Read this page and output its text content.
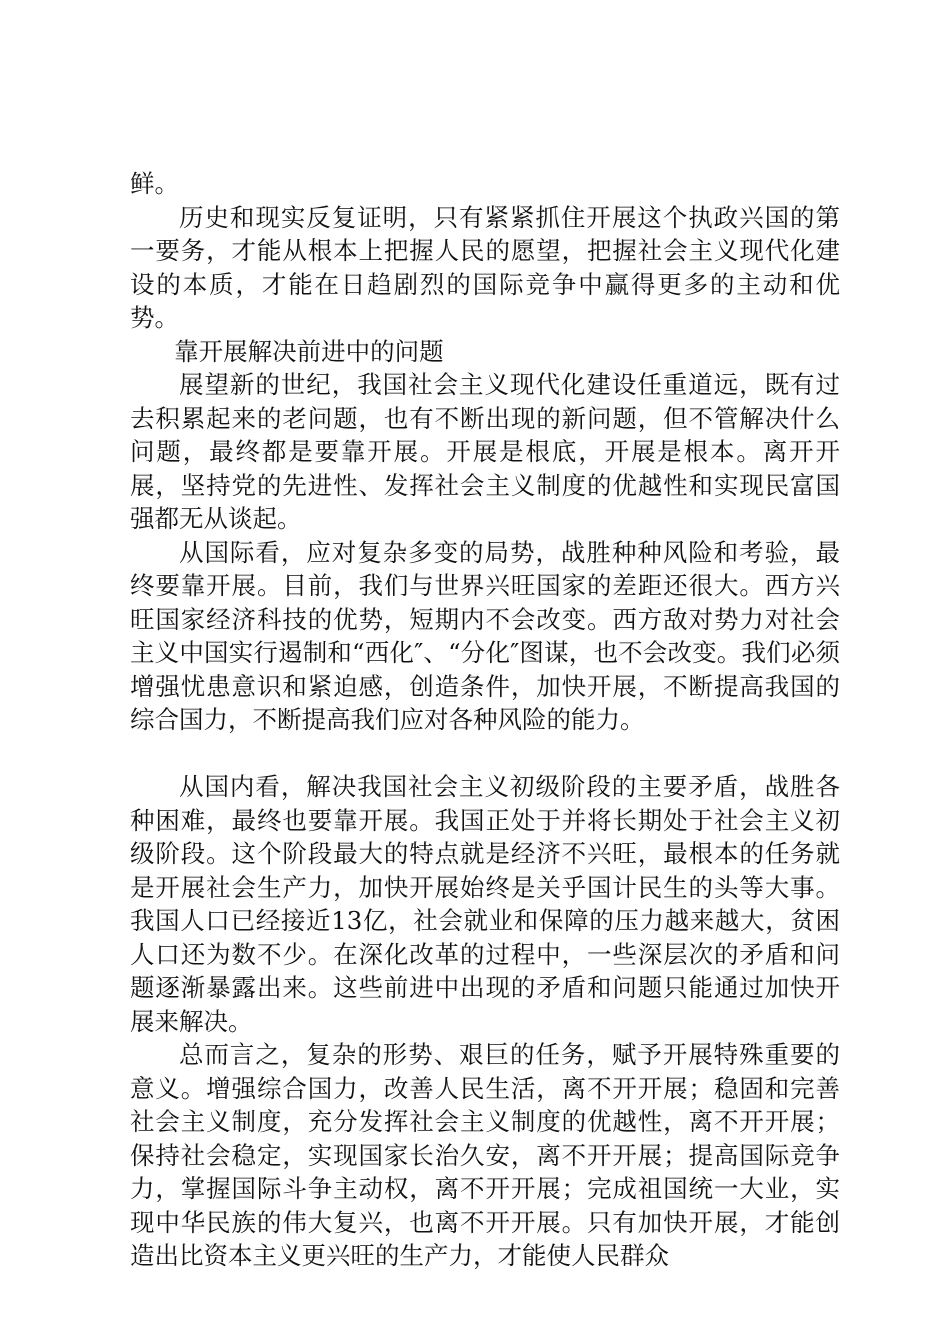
鲜。

历史和现实反复证明，只有紧紧抓住开展这个执政兴国的第一要务，才能从根本上把握人民的愿望，把握社会主义现代化建设的本质，才能在日趋剧烈的国际竞争中赢得更多的主动和优势。

靠开展解决前进中的问题

展望新的世纪，我国社会主义现代化建设任重道远，既有过去积累起来的老问题，也有不断出现的新问题，但不管解决什么问题，最终都是要靠开展。开展是根底，开展是根本。离开开展，坚持党的先进性、发挥社会主义制度的优越性和实现民富国强都无从谈起。

从国际看，应对复杂多变的局势，战胜种种风险和考验，最终要靠开展。目前，我们与世界兴旺国家的差距还很大。西方兴旺国家经济科技的优势，短期内不会改变。西方敌对势力对社会主义中国实行遏制和“西化″、“分化″图谋，也不会改变。我们必须增强忧患意识和紧迫感，创造条件，加快开展，不断提高我国的综合国力，不断提高我们应对各种风险的能力。

从国内看，解决我国社会主义初级阶段的主要矛盾，战胜各种困难，最终也要靠开展。我国正处于并将长期处于社会主义初级阶段。这个阶段最大的特点就是经济不兴旺，最根本的任务就是开展社会生产力，加快开展始终是关乎国计民生的头等大事。我国人口已经接近13亿，社会就业和保障的压力越来越大，贫困人口还为数不少。在深化改革的过程中，一些深层次的矛盾和问题逐渐暴露出来。这些前进中出现的矛盾和问题只能通过加快开展来解决。

总而言之，复杂的形势、艰巨的任务，赋予开展特殊重要的意义。增强综合国力，改善人民生活，离不开开展；稳固和完善社会主义制度，充分发挥社会主义制度的优越性，离不开开展；保持社会稳定，实现国家长治久安，离不开开展；提高国际竞争力，掌握国际斗争主动权，离不开开展；完成祖国统一大业，实现中华民族的伟大复兴，也离不开开展。只有加快开展，才能创造出比资本主义更兴旺的生产力，才能使人民群众
